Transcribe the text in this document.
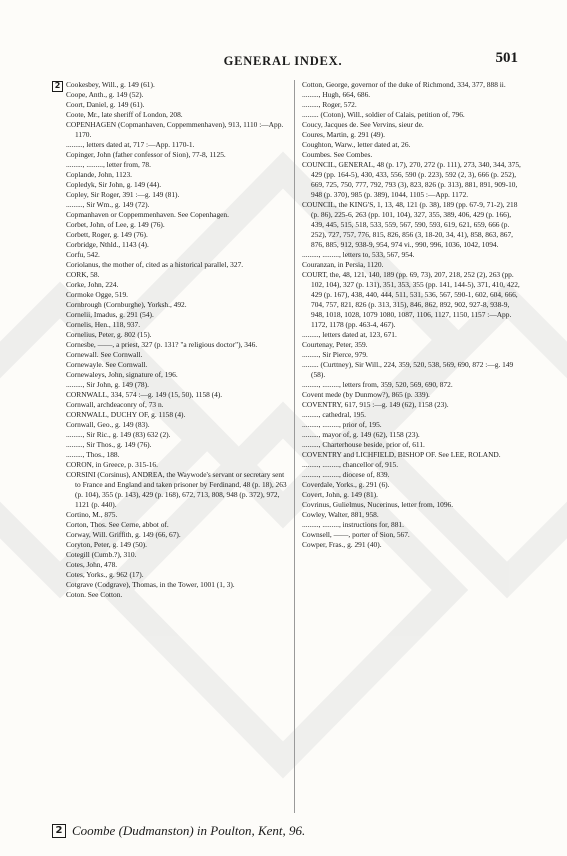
GENERAL INDEX.	501
2 Cookesbey, Will., g. 149 (61).
Coope, Anth., g. 149 (52).
Coort, Daniel, g. 149 (61).
Coote, Mr., late sheriff of London, 208.
COPENHAGEN (Copmanhaven, Coppemmenhaven), 913, 1110 :—App. 1170.
........., letters dated at, 717 :—App. 1170-1.
Copinger, John (father confessor of Sion), 77-8, 1125.
........., ........., letter from, 78.
Coplande, John, 1123.
Copledyk, Sir John, g. 149 (44).
Copley, Sir Roger, 391 :—g. 149 (81).
........., Sir Wm., g. 149 (72).
Copmanhaven or Coppemmenhaven. See Copenhagen.
Corbet, John, of Lee, g. 149 (76).
Corbett, Roger, g. 149 (76).
Corbridge, Nthld., 1143 (4).
Corfu, 542.
Coriolanus, the mother of, cited as a historical parallel, 327.
CORK, 58.
Corke, John, 224.
Cormoke Ogge, 519.
Cornbrough (Cornburghe), Yorksh., 492.
Cornelii, Imadus, g. 291 (54).
Cornelis, Hen., 118, 937.
Cornelius, Peter, g. 802 (15).
Cornesbe, ——, a priest, 327 (p. 131? "a religious doctor"), 346.
Cornewall. See Cornwall.
Cornewayle. See Cornwall.
Cornewaleys, John, signature of, 196.
........., Sir John, g. 149 (78).
CORNWALL, 334, 574 :—g. 149 (15, 50), 1158 (4).
Cornwall, archdeaconry of, 73 n.
CORNWALL, DUCHY OF, g. 1158 (4).
Cornwall, Geo., g. 149 (83).
........., Sir Ric., g. 149 (83) 632 (2).
........., Sir Thos., g. 149 (76).
........., Thos., 188.
CORON, in Greece, p. 315-16.
CORSINI (Corsinus), ANDREA, the Waywode's servant or secretary sent to France and England and taken prisoner by Ferdinand, 48 (p. 18), 263 (p. 104), 355 (p. 143), 429 (p. 168), 672, 713, 808, 948 (p. 372), 972, 1121 (p. 440).
Cortino, M., 875.
Corton, Thos. See Cerne, abbot of.
Corway, Will. Griffith, g. 149 (66, 67).
Coryton, Peter, g. 149 (50).
Cotegill (Cumb.?), 310.
Cotes, John, 478.
Cotes, Yorks., g. 962 (17).
Cotgrave (Codgrave), Thomas, in the Tower, 1001 (1, 3).
Coton. See Cotton.
Cotton, George, governor of the duke of Richmond, 334, 377, 888 ii.
........., Hugh, 664, 686.
........., Roger, 572.
......... (Coton), Will., soldier of Calais, petition of, 796.
Coucy, Jacques de. See Vervins, sieur de.
Coures, Martin, g. 291 (49).
Coughton, Warw., letter dated at, 26.
Coumbes. See Combes.
COUNCIL, GENERAL, 48 (p. 17), 270, 272 (p. 111), 273, 340, 344, 375, 429 (pp. 164-5), 430, 433, 556, 590 (p. 223), 592 (2, 3), 666 (p. 252), 669, 725, 750, 777, 792, 793 (3), 823, 826 (p. 313), 881, 891, 909-10, 948 (p. 370), 985 (p. 389), 1044, 1105 :—App. 1172.
COUNCIL, the KING'S, 1, 13, 48, 121 (p. 38), 189 (pp. 67-9, 71-2), 218 (p. 86), 225-6, 263 (pp. 101, 104), 327, 355, 389, 406, 429 (p. 166), 439, 445, 515, 518, 533, 559, 567, 590, 593, 619, 621, 659, 666 (p. 252), 727, 757, 776, 815, 826, 856 (3, 18-20, 34, 41), 858, 863, 867, 876, 885, 912, 938-9, 954, 974 vi., 990, 996, 1036, 1042, 1094.
........., ........., letters to, 533, 567, 954.
Couranzan, in Persia, 1120.
COURT, the, 48, 121, 140, 189 (pp. 69, 73), 207, 218, 252 (2), 263 (pp. 102, 104), 327 (p. 131), 351, 353, 355 (pp. 141, 144-5), 371, 410, 422, 429 (p. 167), 438, 440, 444, 511, 531, 536, 567, 590-1, 602, 604, 666, 704, 757, 821, 826 (p. 313, 315), 846, 862, 892, 902, 927-8, 938-9, 948, 1018, 1028, 1079 1080, 1087, 1106, 1127, 1150, 1157 :—App. 1172, 1178 (pp. 463-4, 467).
........., letters dated at, 123, 671.
Courtenay, Peter, 359.
........., Sir Pierce, 979.
......... (Curttney), Sir Will., 224, 359, 520, 538, 569, 690, 872 :—g. 149 (58).
........., ........., letters from, 359, 520, 569, 690, 872.
Covent mede (by Dunmow?), 865 (p. 339).
COVENTRY, 617, 915 :—g. 149 (62), 1158 (23).
........., cathedral, 195.
........., ........., prior of, 195.
........., mayor of, g. 149 (62), 1158 (23).
........., Charterhouse beside, prior of, 611.
COVENTRY and LICHFIELD, BISHOP OF. See LEE, ROLAND.
........., ........., chancellor of, 915.
........., ........., diocese of, 839.
Coverdale, Yorks., g. 291 (6).
Covert, John, g. 149 (81).
Covrinus, Gulielmus, Nucerinus, letter from, 1096.
Cowley, Walter, 881, 958.
........., ........., instructions for, 881.
Cownsell, ——, porter of Sion, 567.
Cowper, Fras., g. 291 (40).
2 Coombe (Dudmanston) in Poulton, Kent, 96.
